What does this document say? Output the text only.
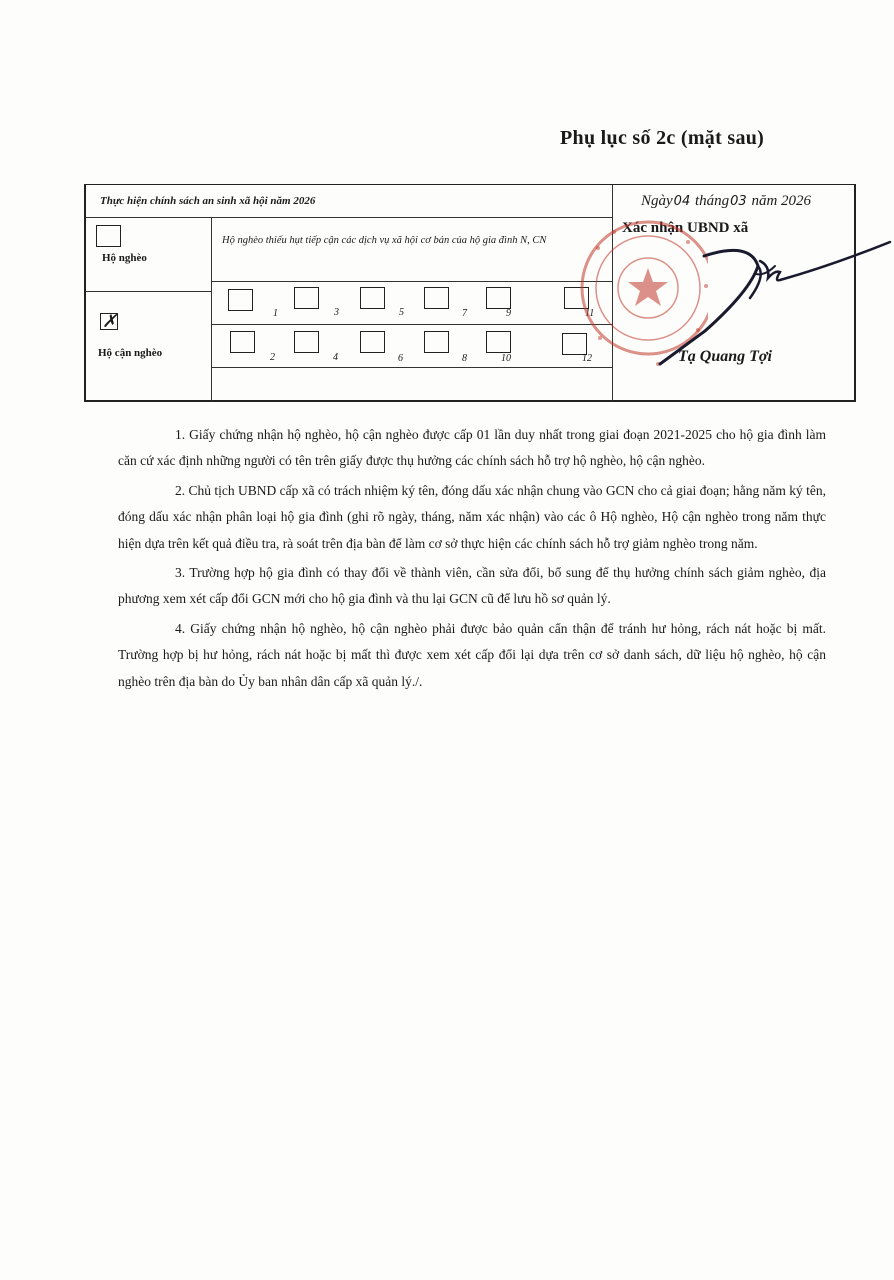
Phụ lục số 2c (mặt sau)
Thực hiện chính sách an sinh xã hội năm 2026
Hộ nghèo
Hộ nghèo thiếu hụt tiếp cận các dịch vụ xã hội cơ bản của hộ gia đình N, CN
✗
Hộ cận nghèo
1	3	5	7	9	11
2	4	6	8	10	12
Ngày04 tháng03 năm 2026
Xác nhận UBND xã
Tạ Quang Tợi

1. Giấy chứng nhận hộ nghèo, hộ cận nghèo được cấp 01 lần duy nhất trong giai đoạn 2021-2025 cho hộ gia đình làm căn cứ xác định những người có tên trên giấy được thụ hưởng các chính sách hỗ trợ hộ nghèo, hộ cận nghèo.

2. Chủ tịch UBND cấp xã có trách nhiệm ký tên, đóng dấu xác nhận chung vào GCN cho cả giai đoạn; hằng năm ký tên, đóng dấu xác nhận phân loại hộ gia đình (ghi rõ ngày, tháng, năm xác nhận) vào các ô Hộ nghèo, Hộ cận nghèo trong năm thực hiện dựa trên kết quả điều tra, rà soát trên địa bàn để làm cơ sở thực hiện các chính sách hỗ trợ giảm nghèo trong năm.

3. Trường hợp hộ gia đình có thay đổi về thành viên, cần sửa đổi, bổ sung để thụ hưởng chính sách giảm nghèo, địa phương xem xét cấp đổi GCN mới cho hộ gia đình và thu lại GCN cũ để lưu hồ sơ quản lý.

4. Giấy chứng nhận hộ nghèo, hộ cận nghèo phải được bảo quản cẩn thận để tránh hư hỏng, rách nát hoặc bị mất. Trường hợp bị hư hỏng, rách nát hoặc bị mất thì được xem xét cấp đổi lại dựa trên cơ sở danh sách, dữ liệu hộ nghèo, hộ cận nghèo trên địa bàn do Ủy ban nhân dân cấp xã quản lý./.
